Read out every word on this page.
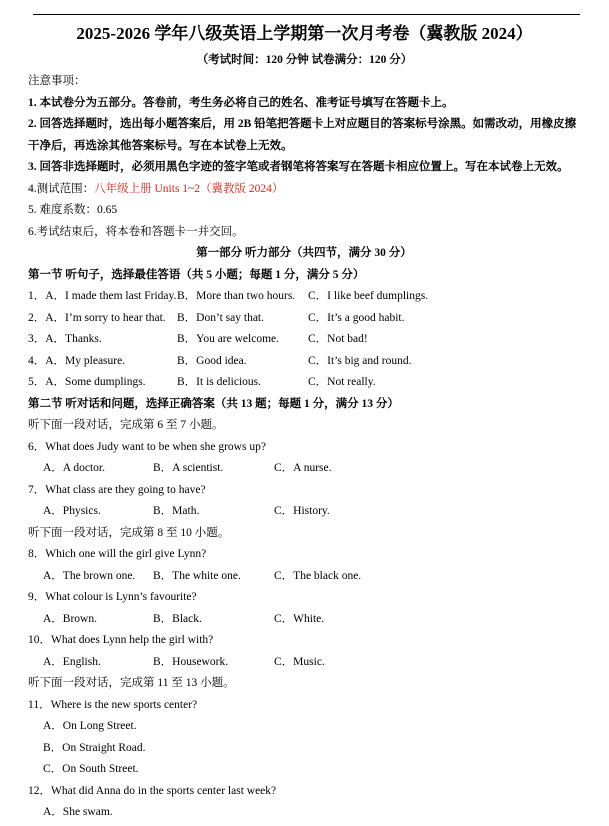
2025-2026 学年八级英语上学期第一次月考卷（冀教版 2024）
（考试时间：120 分钟 试卷满分：120 分）
注意事项：
1. 本试卷分为五部分。答卷前，考生务必将自己的姓名、准考证号填写在答题卡上。
2. 回答选择题时，选出每小题答案后，用 2B 铅笔把答题卡上对应题目的答案标号涂黑。如需改动，用橡皮擦干净后，再选涂其他答案标号。写在本试卷上无效。
3. 回答非选择题时，必须用黑色字迹的签字笔或者钢笔将答案写在答题卡相应位置上。写在本试卷上无效。
4.测试范围：八年级上册 Units 1~2（冀教版 2024）
5. 难度系数：0.65
6.考试结束后，将本卷和答题卡一并交回。
第一部分 听力部分（共四节，满分 30 分）
第一节 听句子，选择最佳答语（共 5 小题；每题 1 分，满分 5 分）
1．A．I made them last Friday. B．More than two hours.	C．I like beef dumplings.
2．A．I’m sorry to hear that. B．Don’t say that.	C．It’s a good habit.
3．A．Thanks.	B．You are welcome.	C．Not bad!
4．A．My pleasure.	B．Good idea.	C．It’s big and round.
5．A．Some dumplings.	B．It is delicious.	C．Not really.
第二节 听对话和问题，选择正确答案（共 13 题；每题 1 分，满分 13 分）
听下面一段对话，完成第 6 至 7 小题。
6．What does Judy want to be when she grows up?
A．A doctor.	B．A scientist.	C．A nurse.
7．What class are they going to have?
A．Physics.	B．Math.	C．History.
听下面一段对话，完成第 8 至 10 小题。
8．Which one will the girl give Lynn?
A．The brown one.	B．The white one.	C．The black one.
9．What colour is Lynn’s favourite?
A．Brown.	B．Black.	C．White.
10．What does Lynn help the girl with?
A．English.	B．Housework.	C．Music.
听下面一段对话，完成第 11 至 13 小题。
11．Where is the new sports center?
A．On Long Street.
B．On Straight Road.
C．On South Street.
12．What did Anna do in the sports center last week?
A．She swam.
